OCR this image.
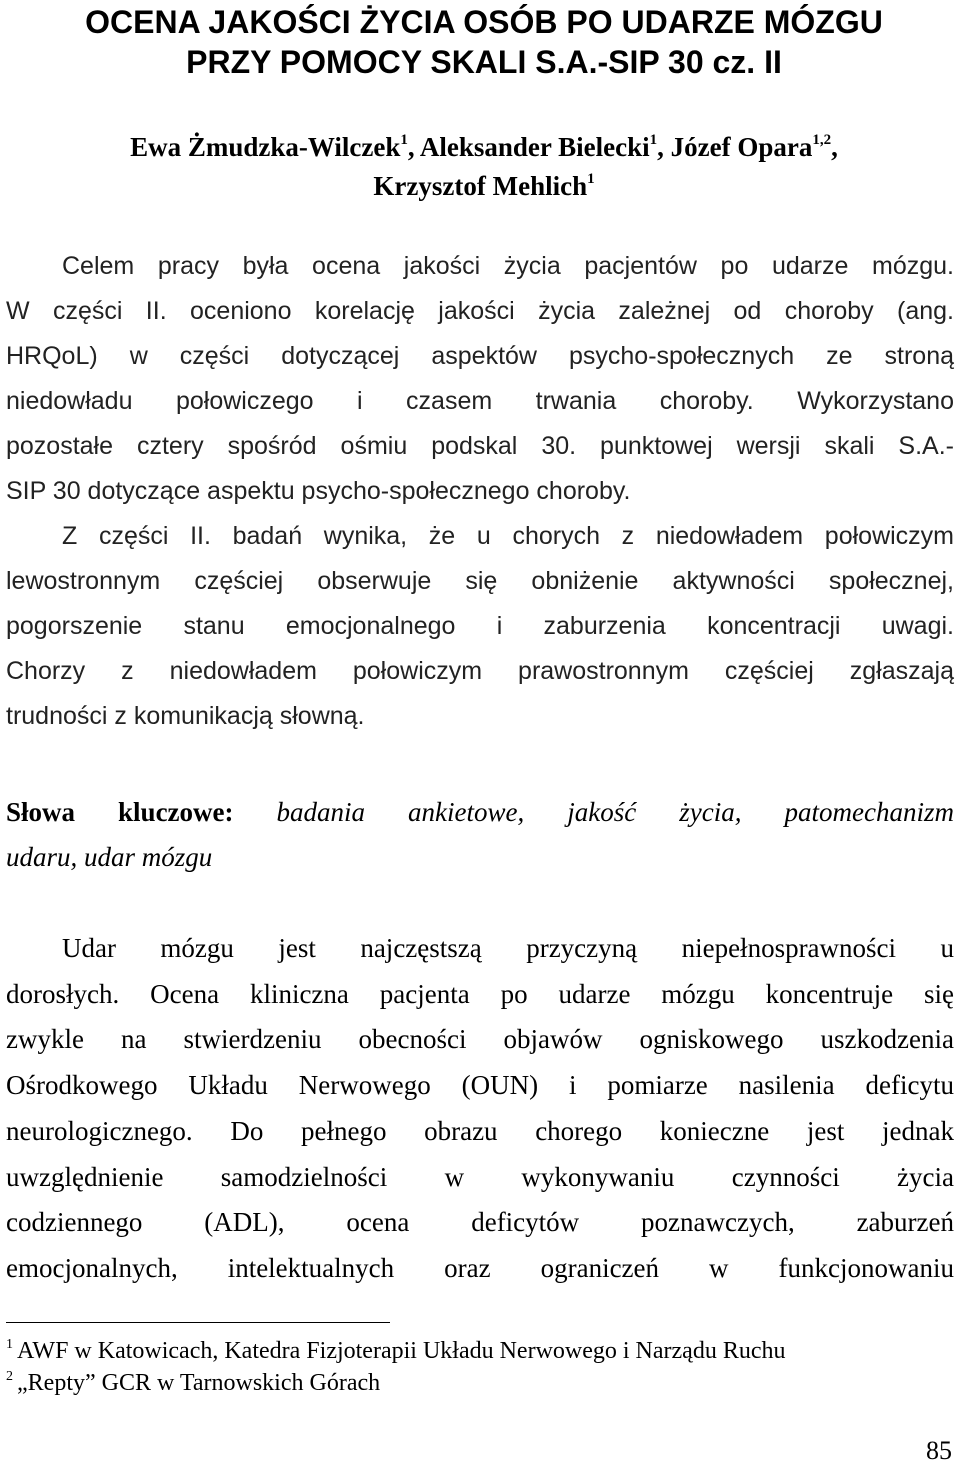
OCENA JAKOŚCI ŻYCIA OSÓB PO UDARZE MÓZGU
PRZY POMOCY SKALI S.A.-SIP 30 cz. II
Ewa Żmudzka-Wilczek$^1$, Aleksander Bielecki$^1$, Józef Opara$^{1,2}$,
Krzysztof Mehlich$^1$
Celem pracy była ocena jakości życia pacjentów po udarze mózgu.
W części II. oceniono korelację jakości życia zależnej od choroby (ang.
HRQoL) w części dotyczącej aspektów psycho-społecznych ze stroną
niedowładu połowiczego i czasem trwania choroby. Wykorzystano
pozostałe cztery spośród ośmiu podskal 30. punktowej wersji skali S.A.-
SIP 30 dotyczące aspektu psycho-społecznego choroby.
Z części II. badań wynika, że u chorych z niedowładem połowiczym
lewostronnym częściej obserwuje się obniżenie aktywności społecznej,
pogorszenie stanu emocjonalnego i zaburzenia koncentracji uwagi.
Chorzy z niedowładem połowiczym prawostronnym częściej zgłaszają
trudności z komunikacją słowną.
Słowa kluczowe: badania ankietowe, jakość życia, patomechanizm
udaru, udar mózgu
Udar mózgu jest najczęstszą przyczyną niepełnosprawności u
dorosłych. Ocena kliniczna pacjenta po udarze mózgu koncentruje się
zwykle na stwierdzeniu obecności objawów ogniskowego uszkodzenia
Ośrodkowego Układu Nerwowego (OUN) i pomiarze nasilenia deficytu
neurologicznego. Do pełnego obrazu chorego konieczne jest jednak
uwzględnienie samodzielności w wykonywaniu czynności życia
codziennego (ADL), ocena deficytów poznawczych, zaburzeń
emocjonalnych, intelektualnych oraz ograniczeń w funkcjonowaniu
$^1$ AWF w Katowicach, Katedra Fizjoterapii Układu Nerwowego i Narządu Ruchu
$^2$ „Repty” GCR w Tarnowskich Górach
85
